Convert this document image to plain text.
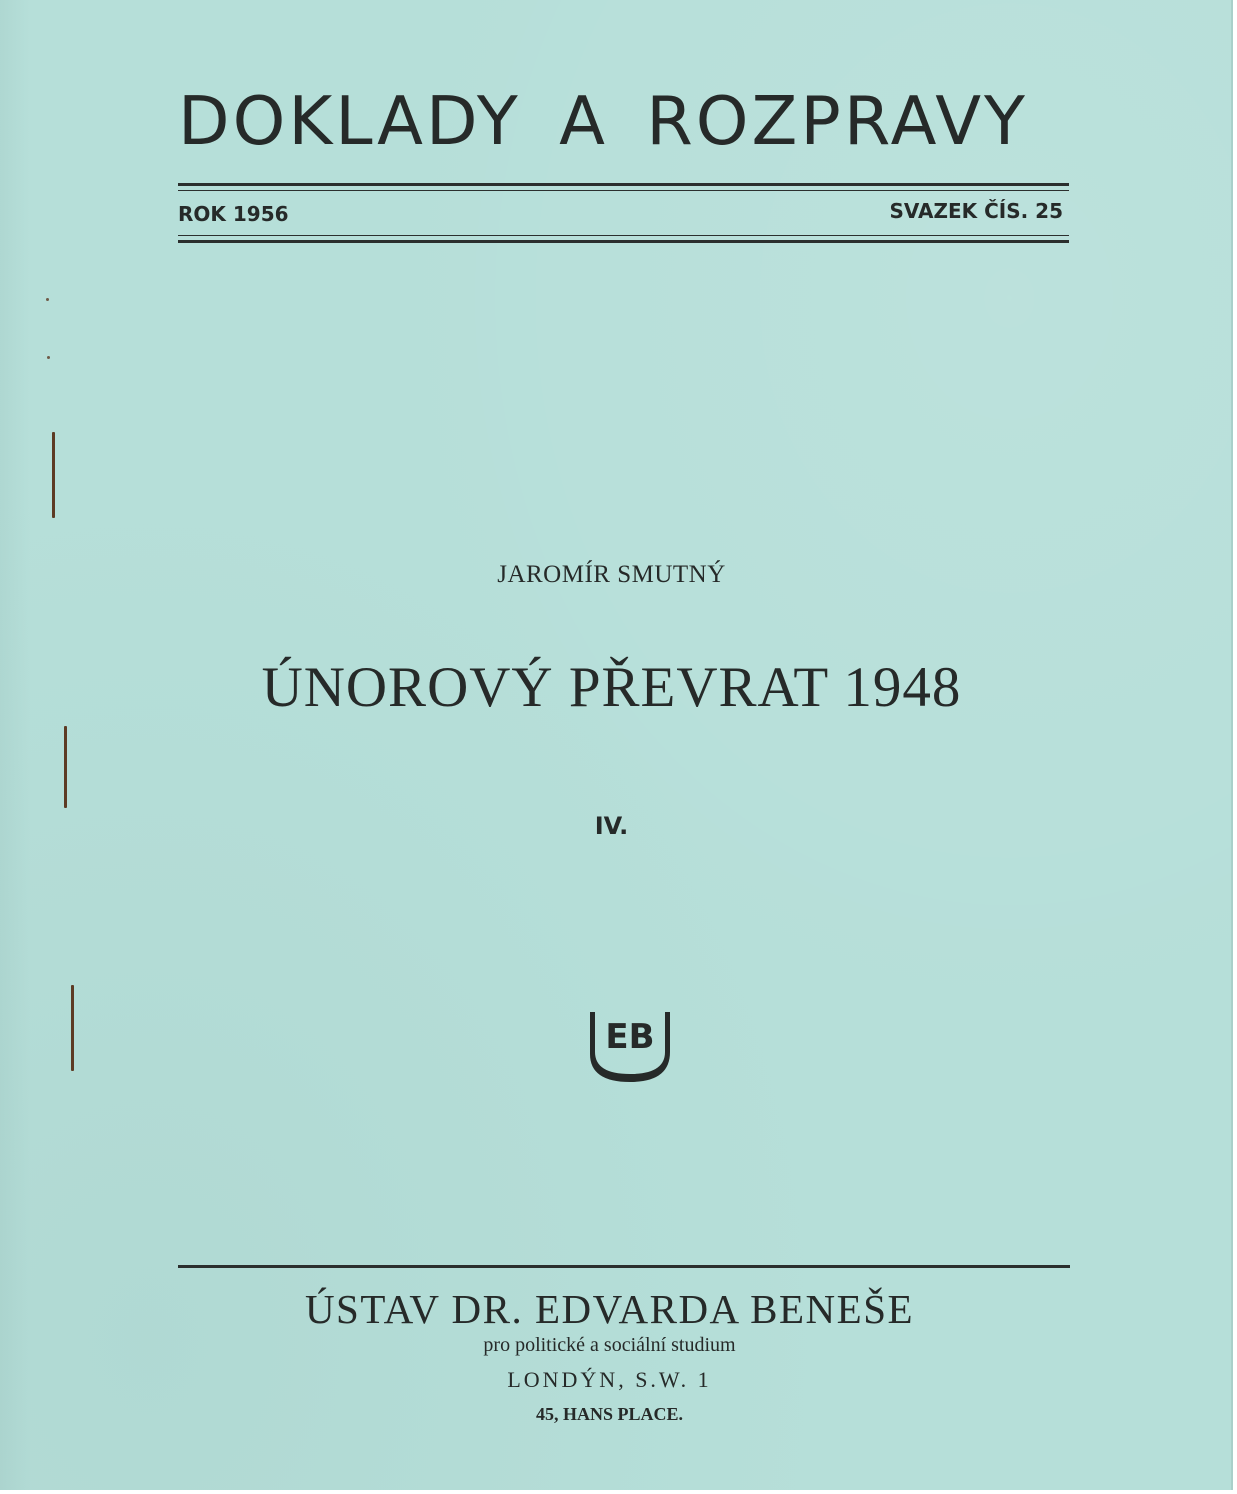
DOKLADY A ROZPRAVY
ROK 1956	SVAZEK ČÍS. 25
JAROMÍR SMUTNÝ
ÚNOROVÝ PŘEVRAT 1948
IV.
EB
ÚSTAV DR. EDVARDA BENEŠE
pro politické a sociální studium
LONDÝN, S.W. 1
45, HANS PLACE.
